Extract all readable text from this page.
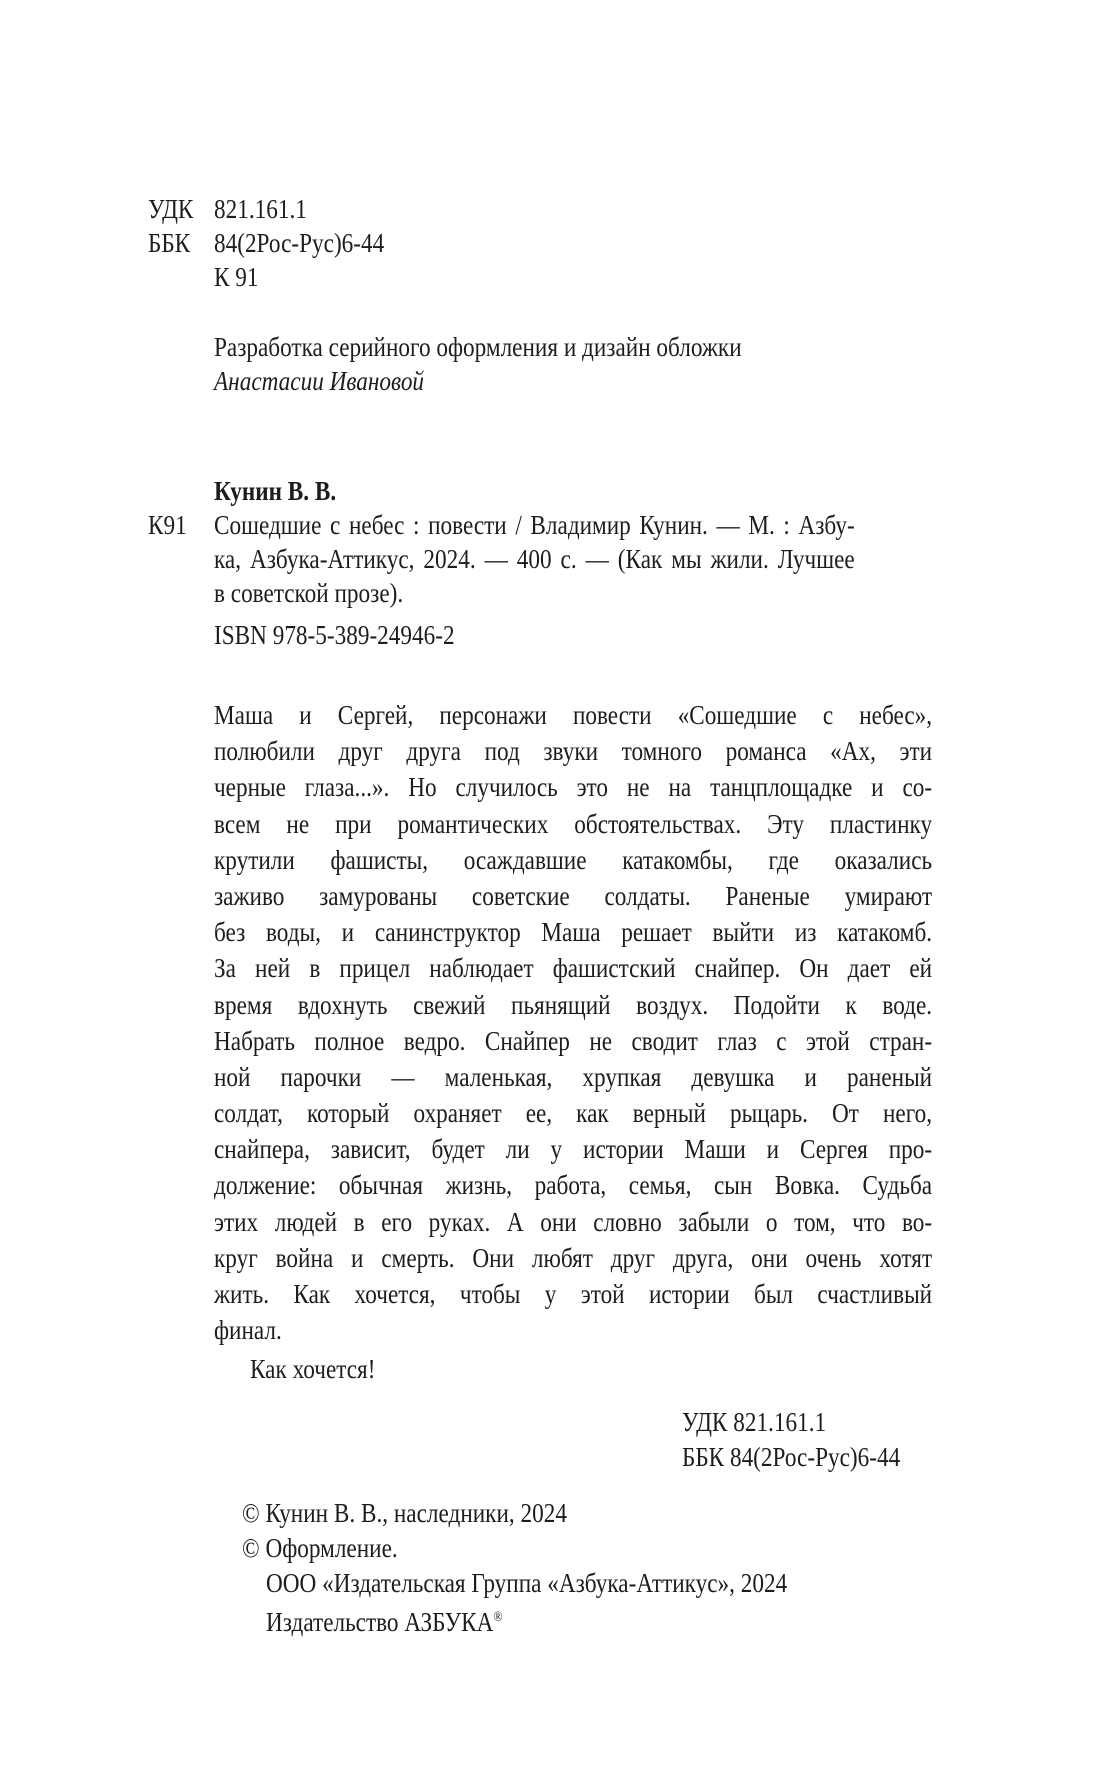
УДК 821.161.1
ББК 84(2Рос-Рус)6-44
К 91
Разработка серийного оформления и дизайн обложки
Анастасии Ивановой
Кунин В. В.
К91 Сошедшие с небес : повести / Владимир Кунин. — М. : Азбу-
ка, Азбука-Аттикус, 2024. — 400 с. — (Как мы жили. Лучшее
в советской прозе).
ISBN 978-5-389-24946-2
Маша и Сергей, персонажи повести «Сошедшие с небес»,
полюбили друг друга под звуки томного романса «Ах, эти
черные глаза...». Но случилось это не на танцплощадке и со-
всем не при романтических обстоятельствах. Эту пластинку
крутили фашисты, осаждавшие катакомбы, где оказались
заживо замурованы советские солдаты. Раненые умирают
без воды, и санинструктор Маша решает выйти из катакомб.
За ней в прицел наблюдает фашистский снайпер. Он дает ей
время вдохнуть свежий пьянящий воздух. Подойти к воде.
Набрать полное ведро. Снайпер не сводит глаз с этой стран-
ной парочки — маленькая, хрупкая девушка и раненый
солдат, который охраняет ее, как верный рыцарь. От него,
снайпера, зависит, будет ли у истории Маши и Сергея про-
должение: обычная жизнь, работа, семья, сын Вовка. Судьба
этих людей в его руках. А они словно забыли о том, что во-
круг война и смерть. Они любят друг друга, они очень хотят
жить. Как хочется, чтобы у этой истории был счастливый
финал.
Как хочется!
УДК 821.161.1
ББК 84(2Рос-Рус)6-44
© Кунин В. В., наследники, 2024
© Оформление.
ООО «Издательская Группа «Азбука-Аттикус», 2024
Издательство АЗБУКА®
